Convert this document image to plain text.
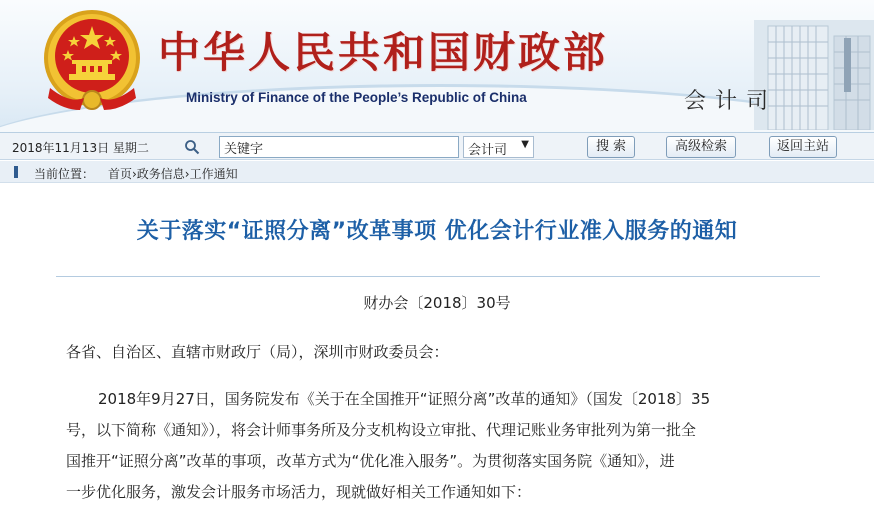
中华人民共和国财政部
Ministry of Finance of the People’s Republic of China	会计司
2018年11月13日 星期二
关键字	会计司 ▼	搜索	高级检索	返回主站
当前位置： 首页›政务信息›工作通知
关于落实“证照分离”改革事项 优化会计行业准入服务的通知
财办会〔2018〕30号
各省、自治区、直辖市财政厅（局），深圳市财政委员会：
2018年9月27日，国务院发布《关于在全国推开“证照分离”改革的通知》（国发〔2018〕35
号，以下简称《通知》），将会计师事务所及分支机构设立审批、代理记账业务审批列为第一批全
国推开“证照分离”改革的事项，改革方式为“优化准入服务”。为贯彻落实国务院《通知》，进
一步优化服务，激发会计服务市场活力，现就做好相关工作通知如下：
